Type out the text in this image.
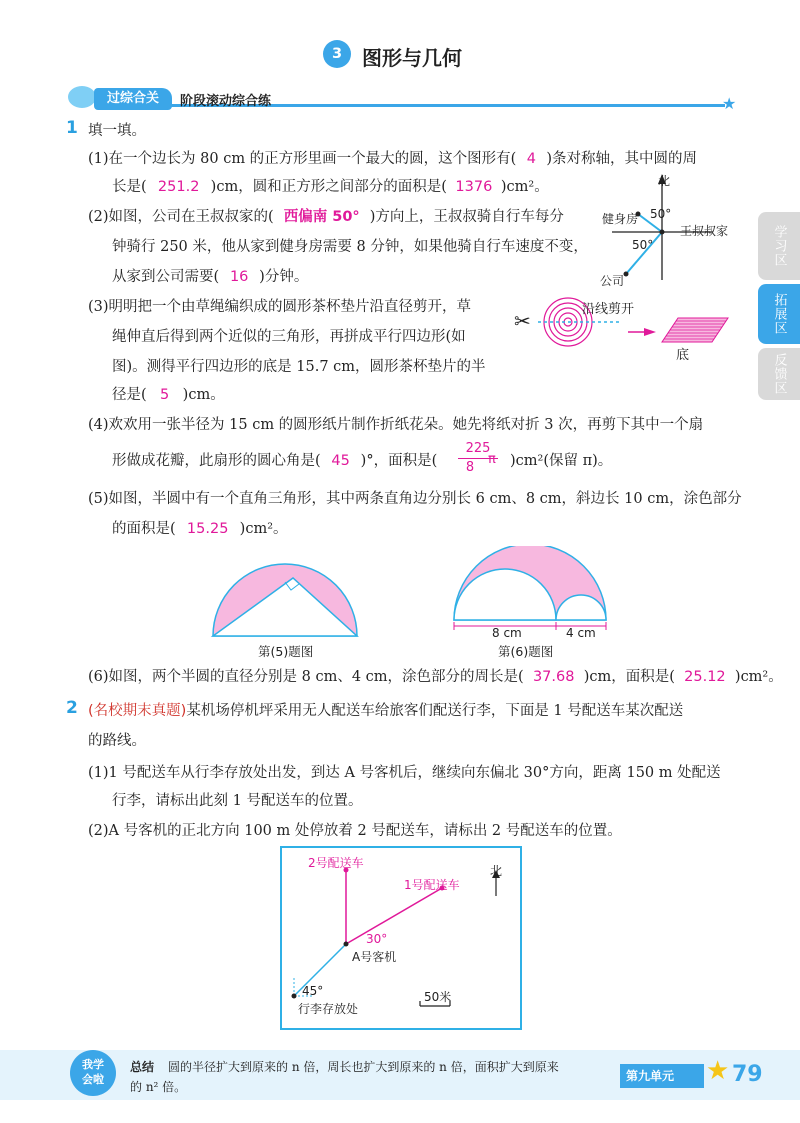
3 图形与几何
★
过综合关	阶段滚动综合练
学习区
拓展区
反馈区
1 填一填。
(1)在一个边长为 80 cm 的正方形里画一个最大的圆，这个图形有( 4 )条对称轴，其中圆的周
长是( 251.2 )cm，圆和正方形之间部分的面积是( 1376 )cm²。
(2)如图，公司在王叔叔家的( 西偏南 50° )方向上，王叔叔骑自行车每分
钟骑行 250 米，他从家到健身房需要 8 分钟，如果他骑自行车速度不变，
从家到公司需要( 16 )分钟。
北
健身房 50°
王叔叔家
50°
公司
(3)明明把一个由草绳编织成的圆形茶杯垫片沿直径剪开，草
绳伸直后得到两个近似的三角形，再拼成平行四边形(如
图)。测得平行四边形的底是 15.7 cm，圆形茶杯垫片的半
径是( 5 )cm。
✂	沿线剪开
底
(4)欢欢用一张半径为 15 cm 的圆形纸片制作折纸花朵。她先将纸对折 3 次，再剪下其中一个扇
形做成花瓣，此扇形的圆心角是( 45 )°，面积是( $\frac{225}{8}$
π )cm²(保留 π)。
(5)如图，半圆中有一个直角三角形，其中两条直角边分别长 6 cm、8 cm，斜边长 10 cm，涂色部分
的面积是( 15.25 )cm²。
第(5)题图
8 cm	4 cm
第(6)题图
(6)如图，两个半圆的直径分别是 8 cm、4 cm，涂色部分的周长是( 37.68 )cm，面积是( 25.12 )cm²。
2 (名校期末真题)某机场停机坪采用无人配送车给旅客们配送行李，下面是 1 号配送车某次配送
的路线。
(1)1 号配送车从行李存放处出发，到达 A 号客机后，继续向东偏北 30°方向，距离 150 m 处配送
行李，请标出此刻 1 号配送车的位置。
(2)A 号客机的正北方向 100 m 处停放着 2 号配送车，请标出 2 号配送车的位置。
2号配送车
1号配送车
北
30°
A号客机
45°
行李存放处
50米
我学
会啦
总结 圆的半径扩大到原来的 n 倍，周长也扩大到原来的 n 倍，面积扩大到原来
的 n² 倍。
第九单元	★ 79
